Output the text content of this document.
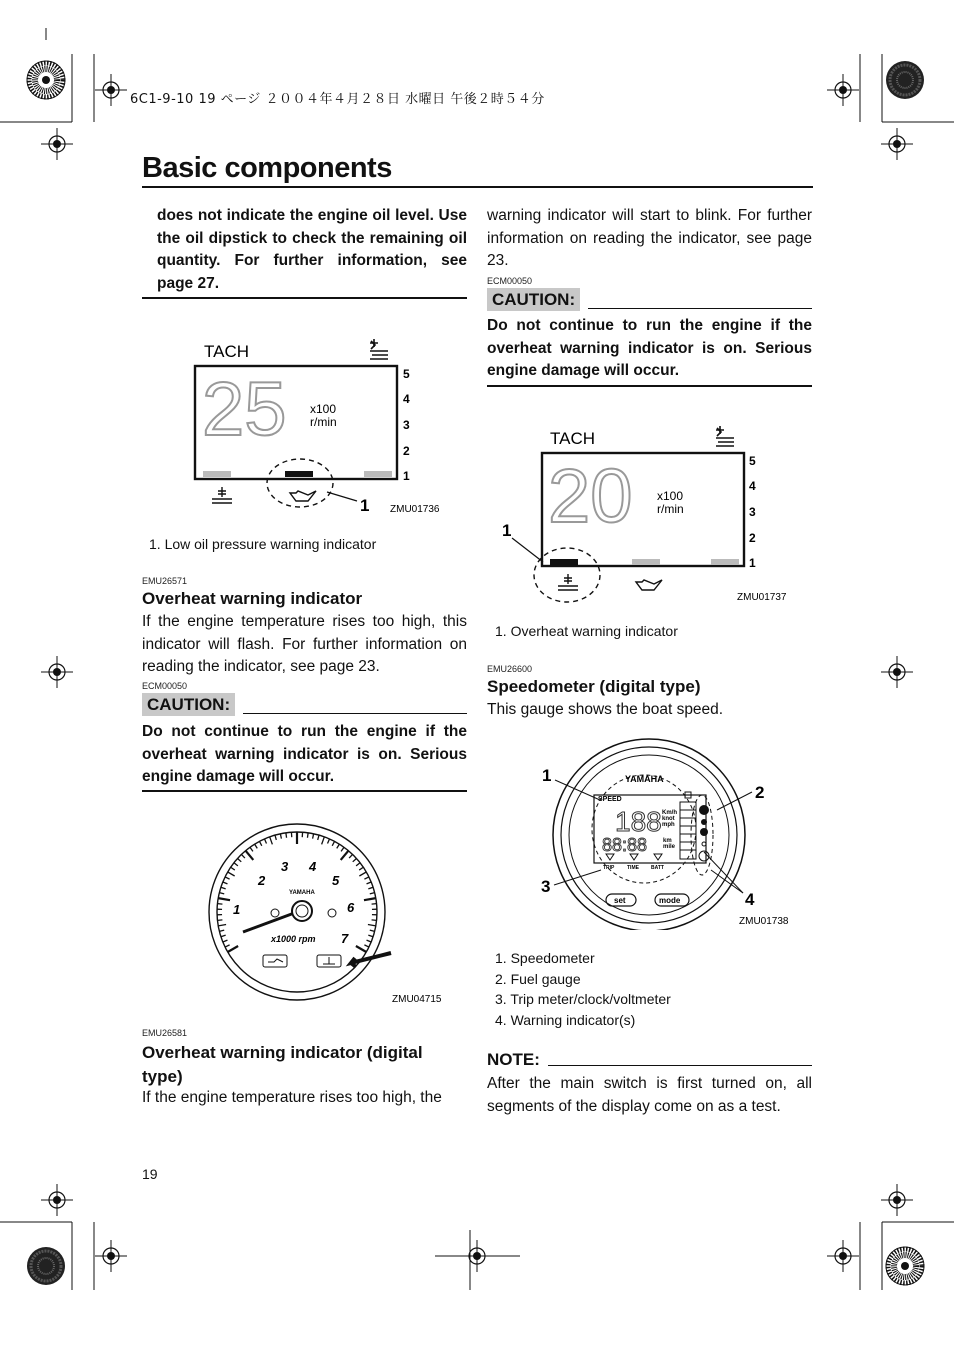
6C1-9-10 19 ページ ２００４年４月２８日 水曜日 午後２時５４分
Basic components
does not indicate the engine oil level. Use the oil dipstick to check the remaining oil quantity. For further information, see page 27.
TACH
25 x100
r/min
5
4
3
2
1
1 ZMU01736
1. Low oil pressure warning indicator
EMU26571
Overheat warning indicator
If the engine temperature rises too high, this indicator will flash. For further information on reading the indicator, see page 23.
ECM00050
CAUTION:
Do not continue to run the engine if the overheat warning indicator is on. Serious engine damage will occur.
1
2
3 4
5
6
7
YAMAHA
x1000 rpm
ZMU04715
EMU26581
Overheat warning indicator (digital type)
If the engine temperature rises too high, the
warning indicator will start to blink. For further information on reading the indicator, see page 23.
ECM00050
CAUTION:
Do not continue to run the engine if the overheat warning indicator is on. Serious engine damage will occur.
TACH
20 x100
r/min
5
4
3
2
1
1
ZMU01737
1. Overheat warning indicator
EMU26600
Speedometer (digital type)
This gauge shows the boat speed.
YAMAHA
SPEED
188
88:88
Km/h
knot
mph
km
mile
TRIP	TIME BATT
set	mode
1
2
3
4
ZMU01738
1. Speedometer
2. Fuel gauge
3. Trip meter/clock/voltmeter
4. Warning indicator(s)
NOTE:
After the main switch is first turned on, all segments of the display come on as a test.
19
